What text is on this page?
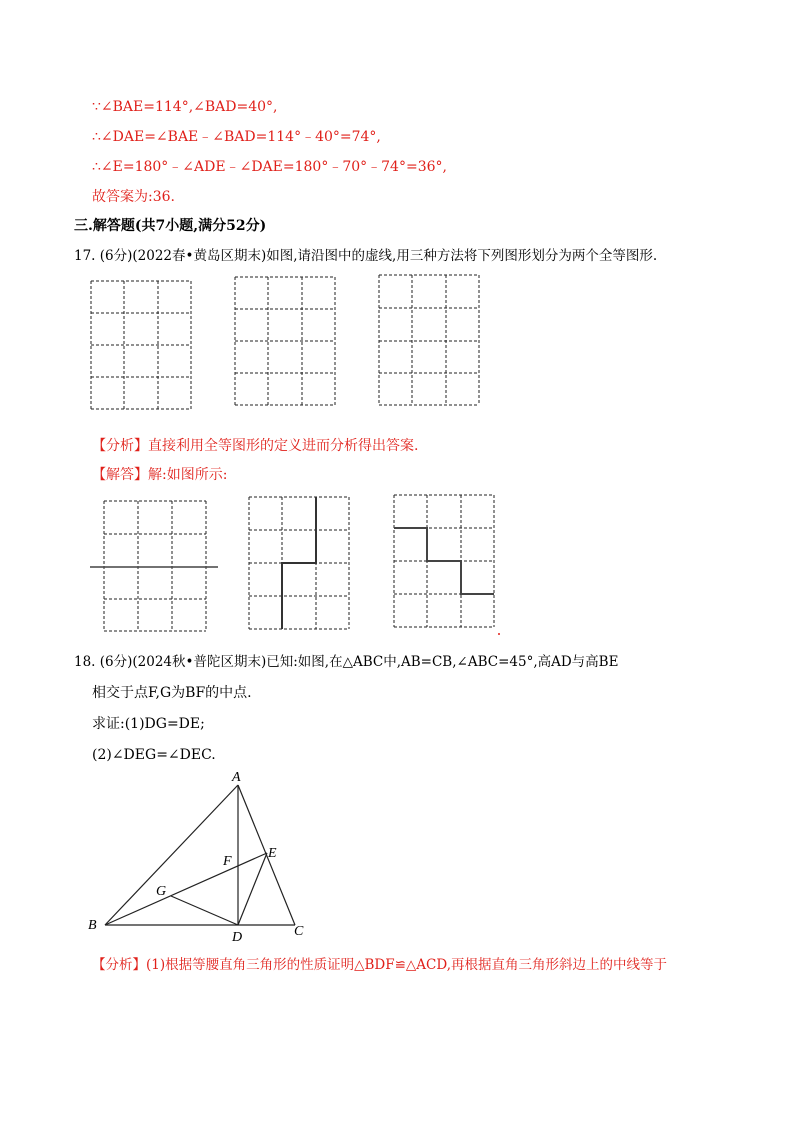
∵∠BAE=114°,∠BAD=40°,
∴∠DAE=∠BAE﹣∠BAD=114°﹣40°=74°,
∴∠E=180°﹣∠ADE﹣∠DAE=180°﹣70°﹣74°=36°,
故答案为:36.
三.解答题(共7小题,满分52分)
17. (6分)(2022春•黄岛区期末)如图,请沿图中的虚线,用三种方法将下列图形划分为两个全等图形.
【分析】直接利用全等图形的定义进而分析得出答案.
【解答】解:如图所示:
18. (6分)(2024秋•普陀区期末)已知:如图,在△ABC中,AB=CB,∠ABC=45°,高AD与高BE
相交于点F,G为BF的中点.
求证:(1)DG=DE;
(2)∠DEG=∠DEC.
A
B	C
D
E
F
G
【分析】(1)根据等腰直角三角形的性质证明△BDF≌△ACD,再根据直角三角形斜边上的中线等于
